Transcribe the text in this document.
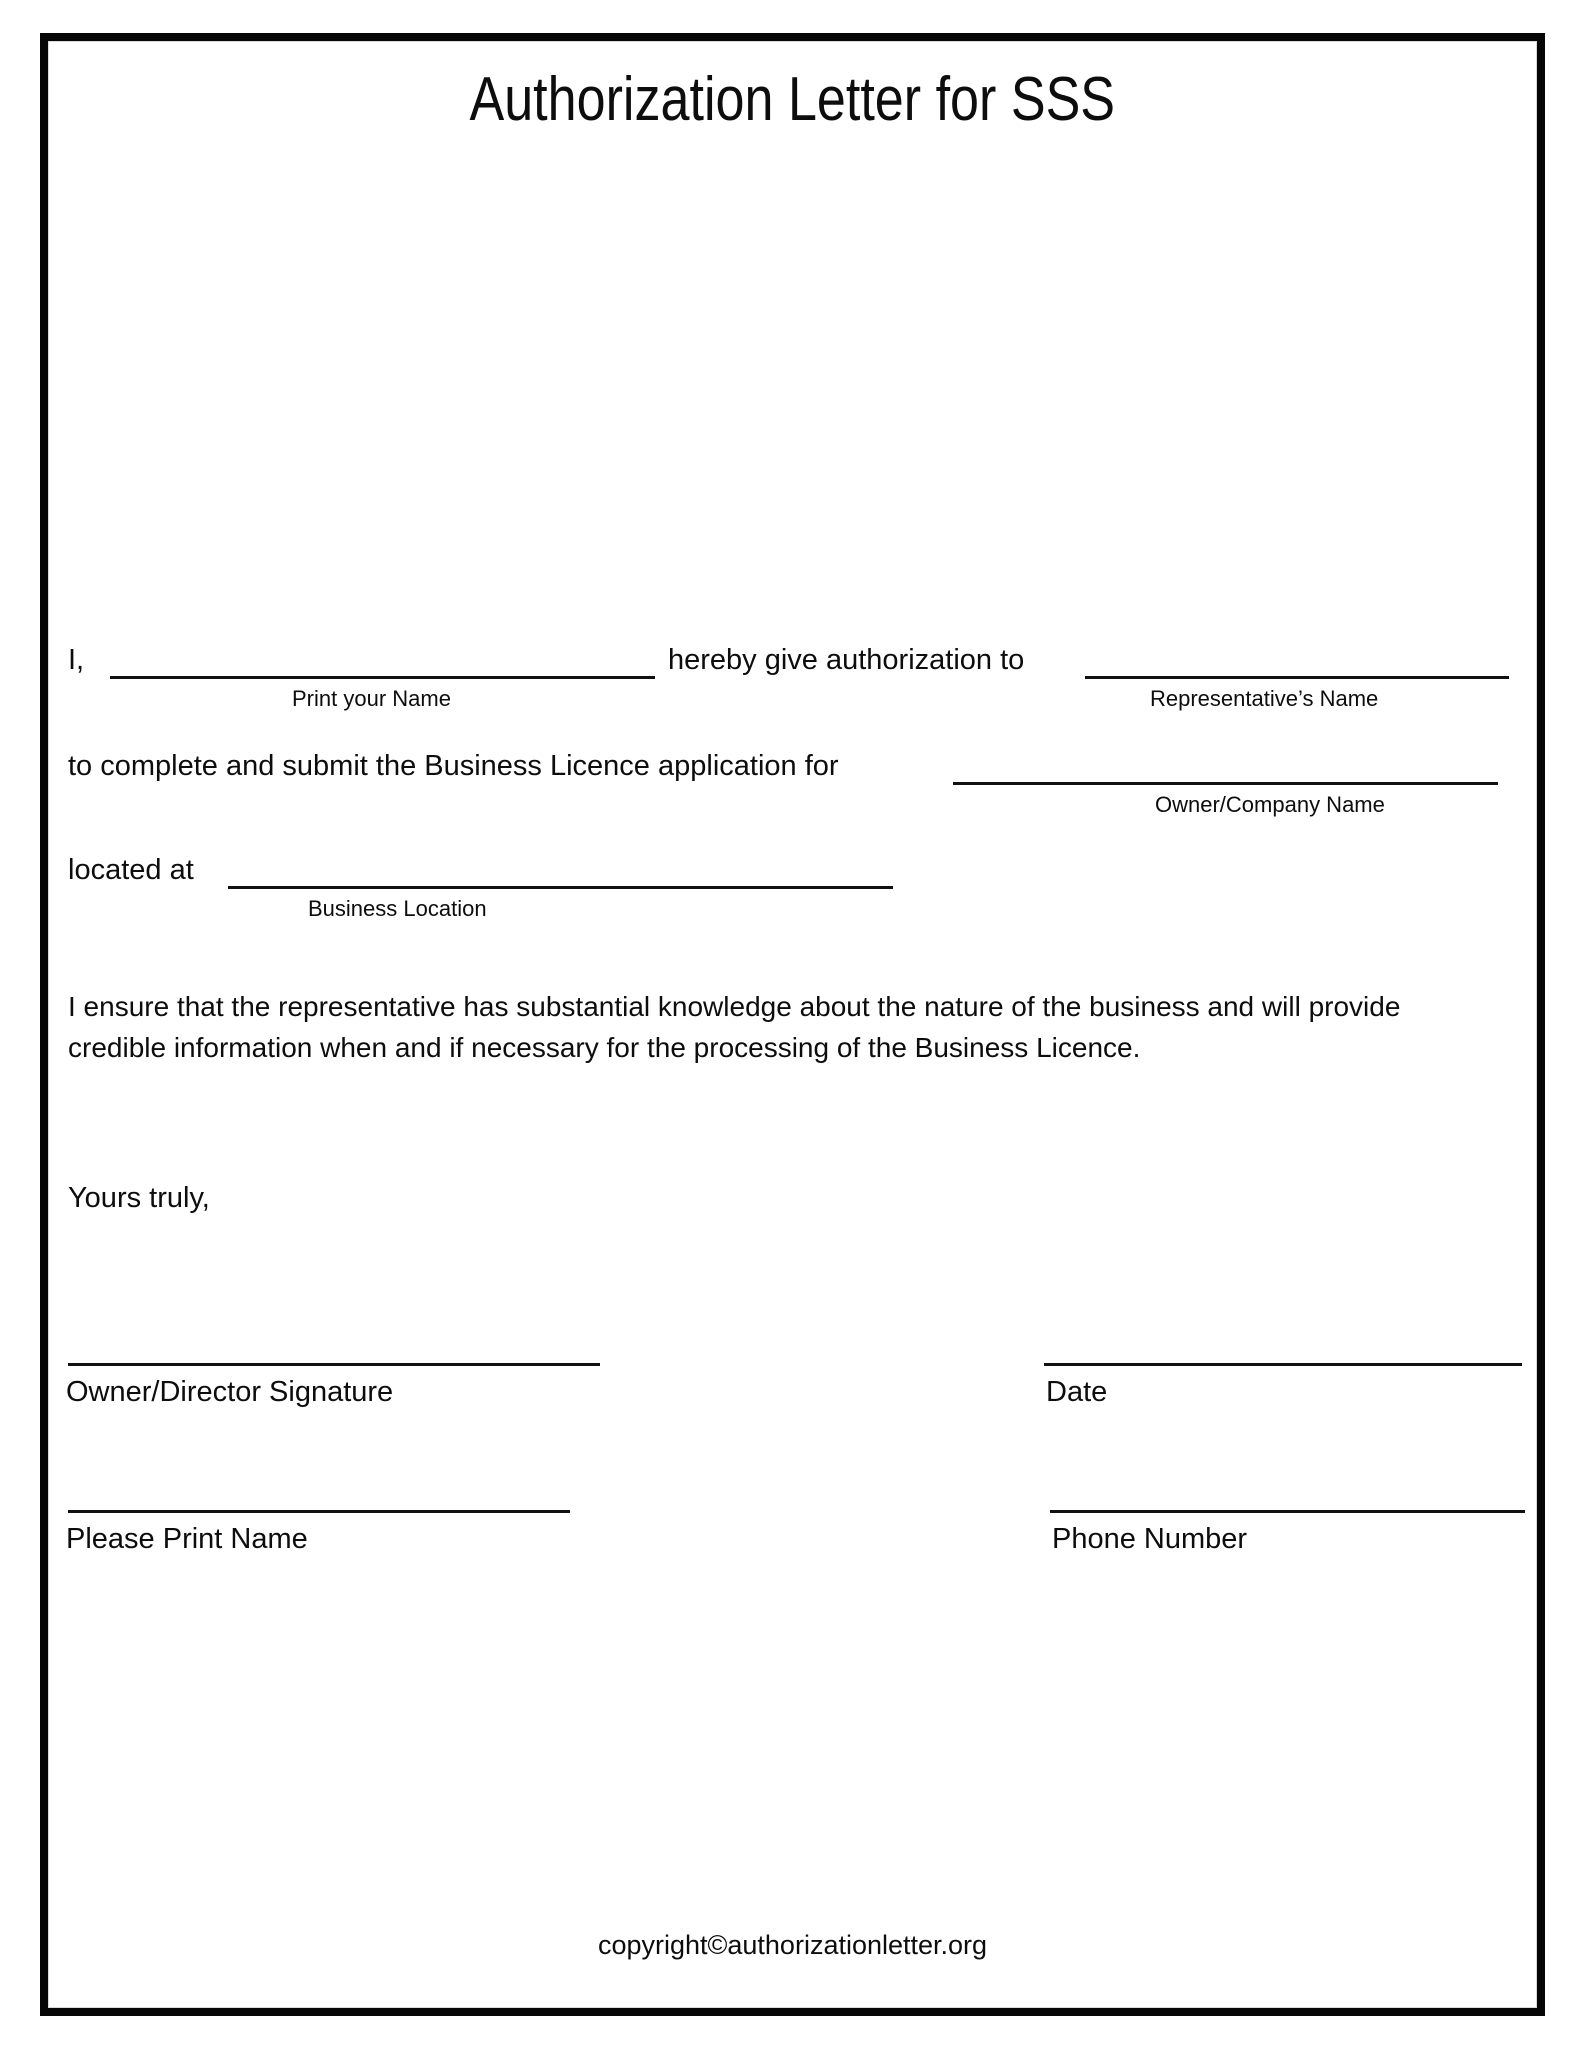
Authorization Letter for SSS
I,	hereby give authorization to
Print your Name	Representative’s Name
to complete and submit the Business Licence application for
Owner/Company Name
located at
Business Location
I ensure that the representative has substantial knowledge about the nature of the business and will provide credible information when and if necessary for the processing of the Business Licence.
Yours truly,
Owner/Director Signature	Date
Please Print Name	Phone Number
copyright©authorizationletter.org
